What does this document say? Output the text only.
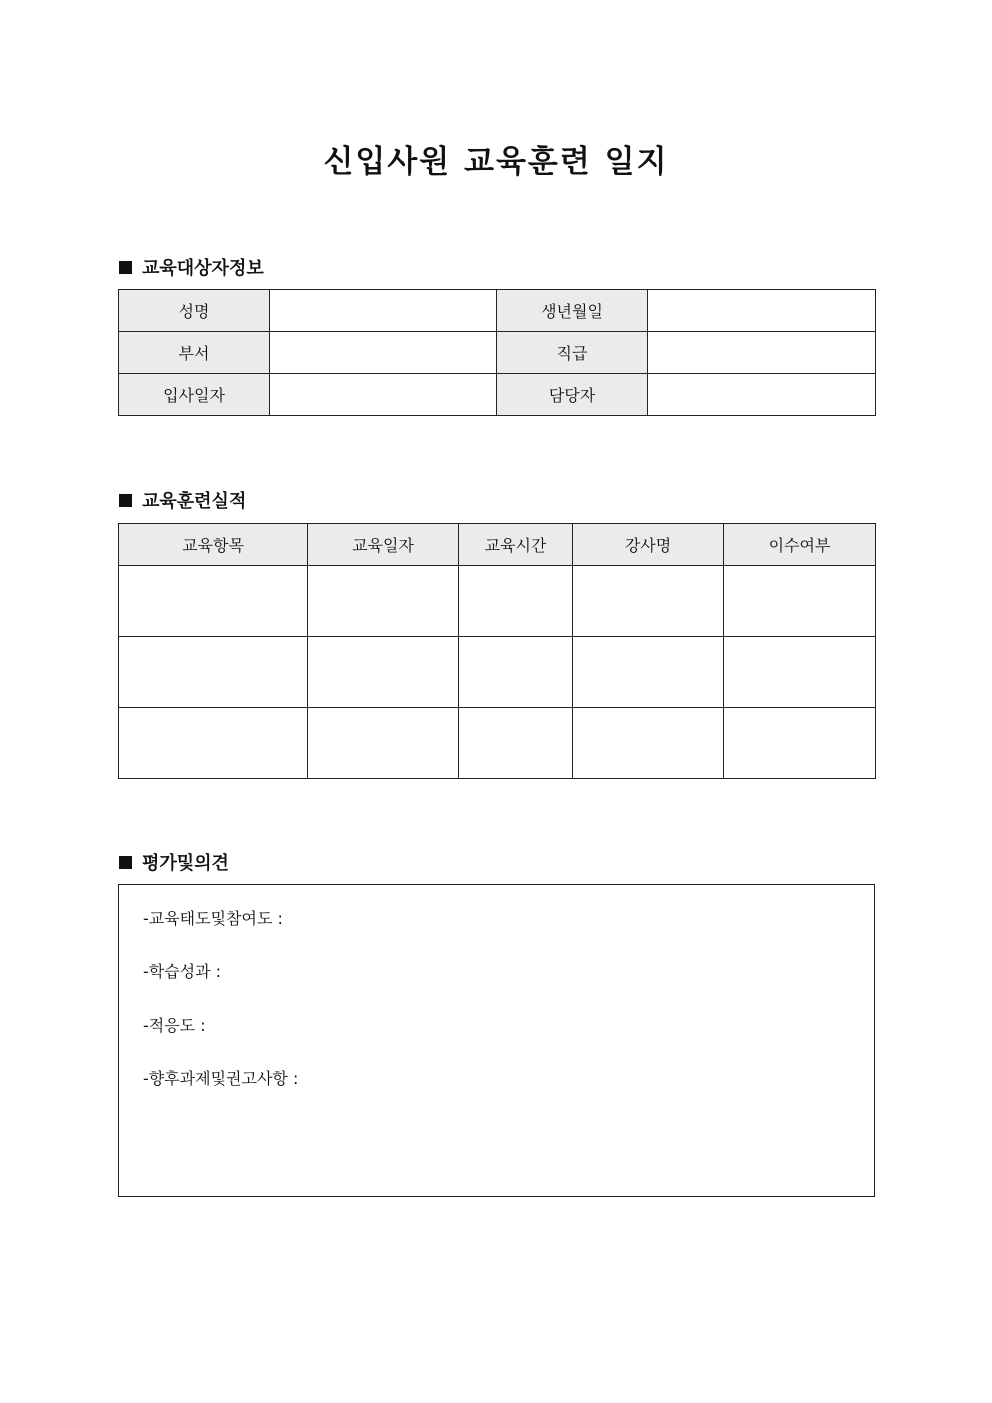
신입사원 교육훈련 일지
교육대상자정보
성명		생년월일	
부서		직급	
입사일자		담당자	
교육훈련실적
교육항목	교육일자	교육시간	강사명	이수여부

평가및의견
-교육태도및참여도 :
-학습성과 :
-적응도 :
-향후과제및권고사항 :
